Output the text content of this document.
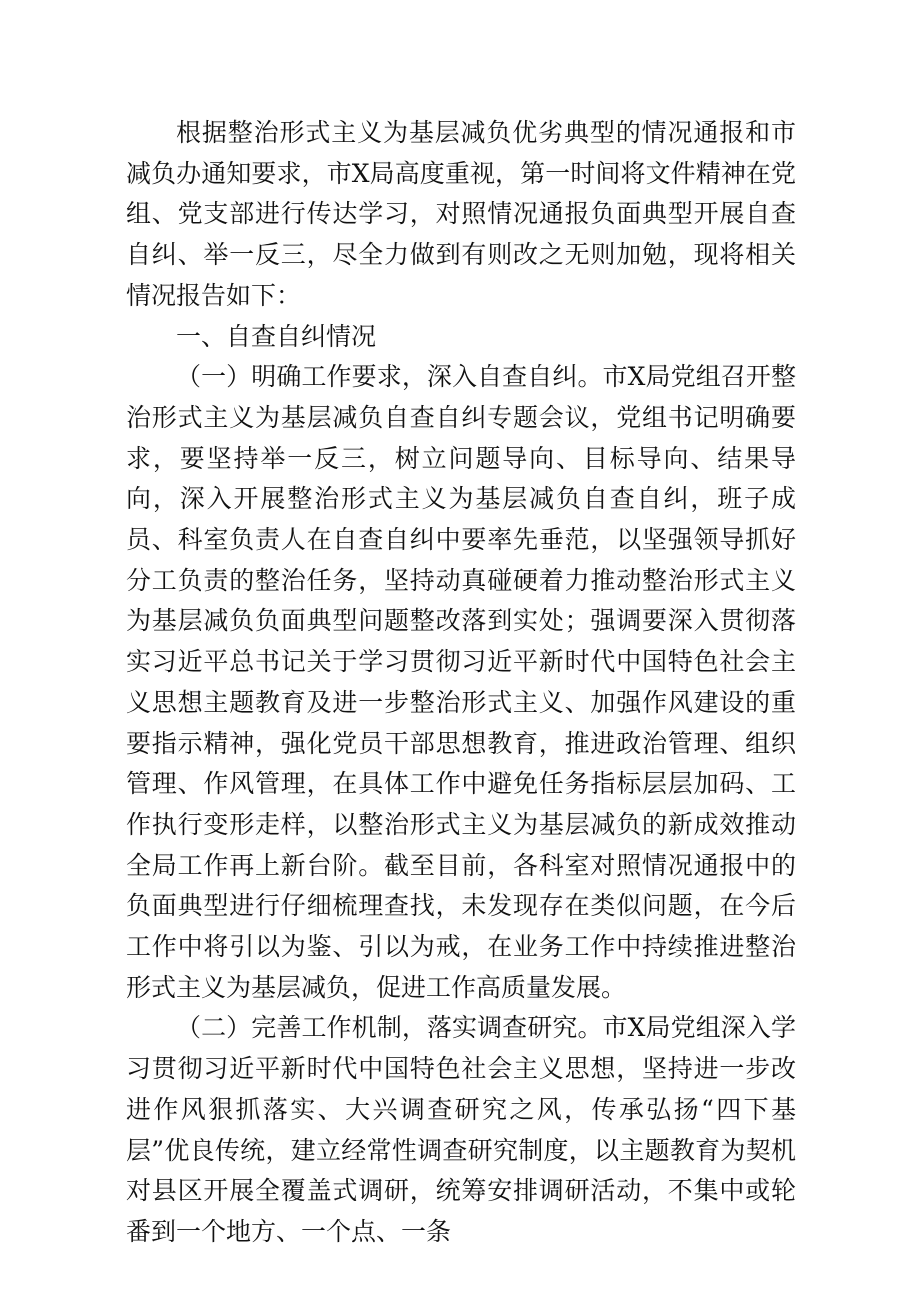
根据整治形式主义为基层减负优劣典型的情况通报和市减负办通知要求，市X局高度重视，第一时间将文件精神在党组、党支部进行传达学习，对照情况通报负面典型开展自查自纠、举一反三，尽全力做到有则改之无则加勉，现将相关情况报告如下：

一、自查自纠情况

（一）明确工作要求，深入自查自纠。市X局党组召开整治形式主义为基层减负自查自纠专题会议，党组书记明确要求，要坚持举一反三，树立问题导向、目标导向、结果导向，深入开展整治形式主义为基层减负自查自纠，班子成员、科室负责人在自查自纠中要率先垂范，以坚强领导抓好分工负责的整治任务，坚持动真碰硬着力推动整治形式主义为基层减负负面典型问题整改落到实处；强调要深入贯彻落实习近平总书记关于学习贯彻习近平新时代中国特色社会主义思想主题教育及进一步整治形式主义、加强作风建设的重要指示精神，强化党员干部思想教育，推进政治管理、组织管理、作风管理，在具体工作中避免任务指标层层加码、工作执行变形走样，以整治形式主义为基层减负的新成效推动全局工作再上新台阶。截至目前，各科室对照情况通报中的负面典型进行仔细梳理查找，未发现存在类似问题，在今后工作中将引以为鉴、引以为戒，在业务工作中持续推进整治形式主义为基层减负，促进工作高质量发展。

（二）完善工作机制，落实调查研究。市X局党组深入学习贯彻习近平新时代中国特色社会主义思想，坚持进一步改进作风狠抓落实、大兴调查研究之风，传承弘扬“四下基层”优良传统，建立经常性调查研究制度，以主题教育为契机对县区开展全覆盖式调研，统筹安排调研活动，不集中或轮番到一个地方、一个点、一条
